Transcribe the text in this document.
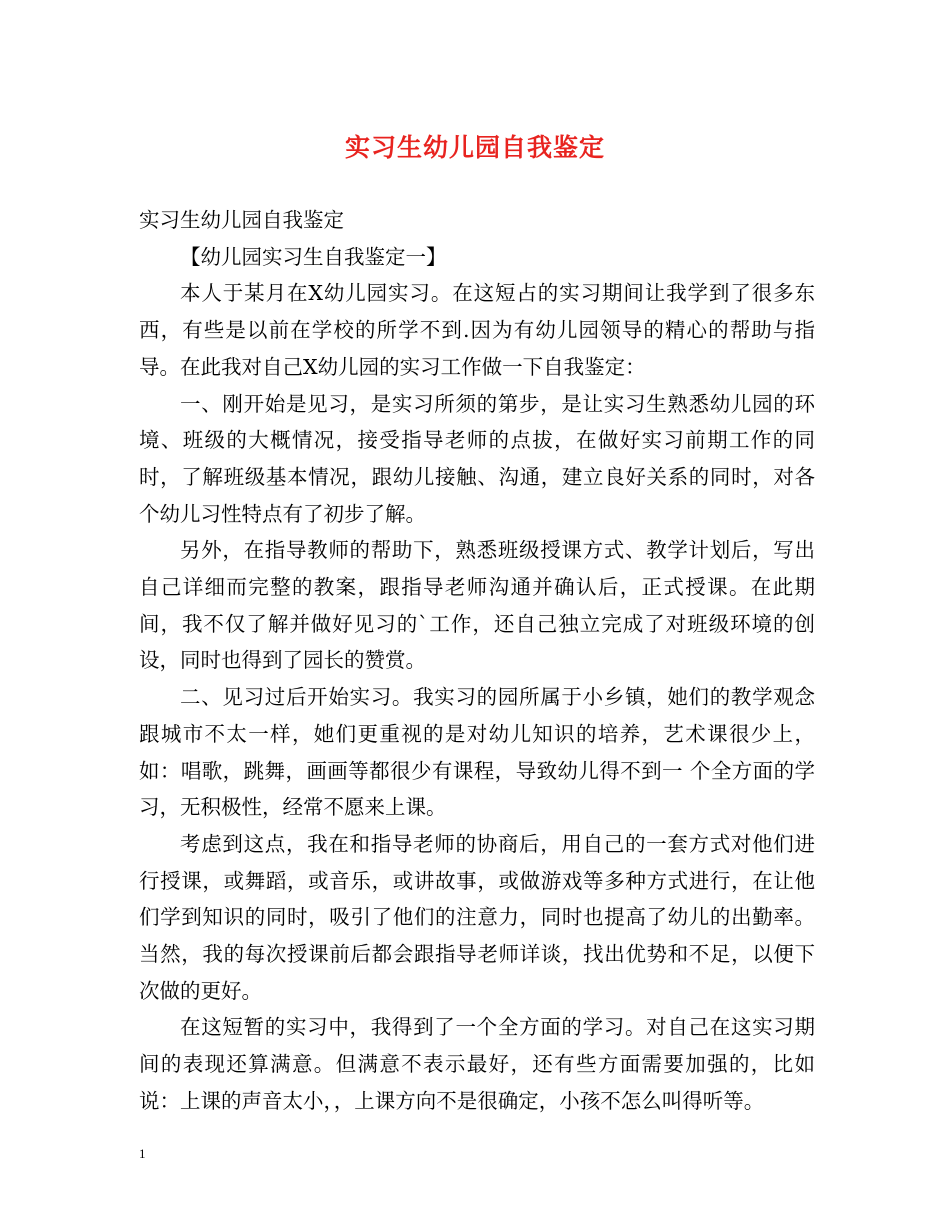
实习生幼儿园自我鉴定

实习生幼儿园自我鉴定

【幼儿园实习生自我鉴定一】

本人于某月在X幼儿园实习。在这短占的实习期间让我学到了很多东西，有些是以前在学校的所学不到.因为有幼儿园领导的精心的帮助与指导。在此我对自己X幼儿园的实习工作做一下自我鉴定：

一、刚开始是见习，是实习所须的第步，是让实习生熟悉幼儿园的环境、班级的大概情况，接受指导老师的点拔，在做好实习前期工作的同时，了解班级基本情况，跟幼儿接触、沟通，建立良好关系的同时，对各个幼儿习性特点有了初步了解。

另外，在指导教师的帮助下，熟悉班级授课方式、教学计划后，写出自己详细而完整的教案，跟指导老师沟通并确认后，正式授课。在此期间，我不仅了解并做好见习的`工作，还自己独立完成了对班级环境的创设，同时也得到了园长的赞赏。

二、见习过后开始实习。我实习的园所属于小乡镇，她们的教学观念跟城市不太一样，她们更重视的是对幼儿知识的培养，艺术课很少上，如：唱歌，跳舞，画画等都很少有课程，导致幼儿得不到一 个全方面的学习，无积极性，经常不愿来上课。

考虑到这点，我在和指导老师的协商后，用自己的一套方式对他们进行授课，或舞蹈，或音乐，或讲故事，或做游戏等多种方式进行，在让他们学到知识的同时，吸引了他们的注意力，同时也提高了幼儿的出勤率。当然，我的每次授课前后都会跟指导老师详谈，找出优势和不足，以便下次做的更好。

在这短暂的实习中，我得到了一个全方面的学习。对自己在这实习期间的表现还算满意。但满意不表示最好，还有些方面需要加强的，比如说：上课的声音太小，，上课方向不是很确定，小孩不怎么叫得听等。

1
